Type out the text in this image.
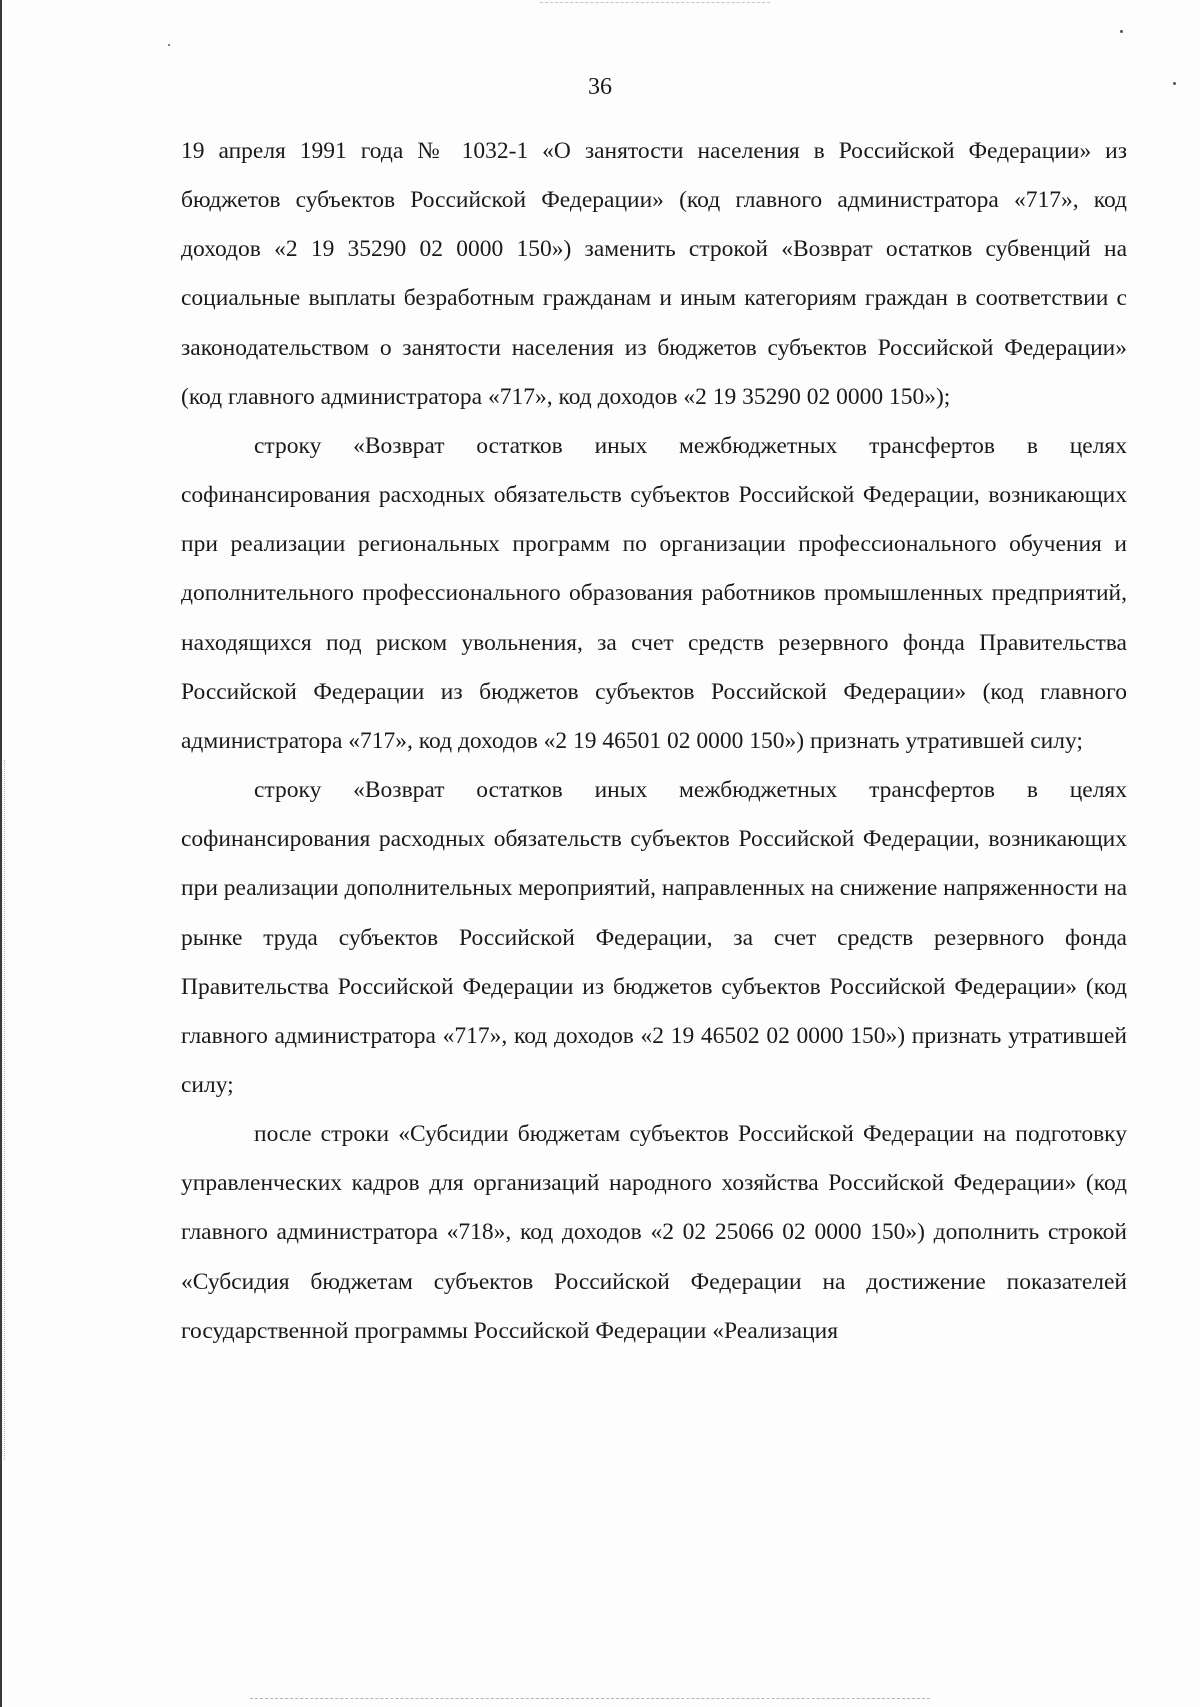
36

19 апреля 1991 года № 1032-1 «О занятости населения в Российской Федерации» из бюджетов субъектов Российской Федерации» (код главного администратора «717», код доходов «2 19 35290 02 0000 150») заменить строкой «Возврат остатков субвенций на социальные выплаты безработным гражданам и иным категориям граждан в соответствии с законодательством о занятости населения из бюджетов субъектов Российской Федерации» (код главного администратора «717», код доходов «2 19 35290 02 0000 150»);

строку «Возврат остатков иных межбюджетных трансфертов в целях софинансирования расходных обязательств субъектов Российской Федерации, возникающих при реализации региональных программ по организации профессионального обучения и дополнительного профессионального образования работников промышленных предприятий, находящихся под риском увольнения, за счет средств резервного фонда Правительства Российской Федерации из бюджетов субъектов Российской Федерации» (код главного администратора «717», код доходов «2 19 46501 02 0000 150») признать утратившей силу;

строку «Возврат остатков иных межбюджетных трансфертов в целях софинансирования расходных обязательств субъектов Российской Федерации, возникающих при реализации дополнительных мероприятий, направленных на снижение напряженности на рынке труда субъектов Российской Федерации, за счет средств резервного фонда Правительства Российской Федерации из бюджетов субъектов Российской Федерации» (код главного администратора «717», код доходов «2 19 46502 02 0000 150») признать утратившей силу;

после строки «Субсидии бюджетам субъектов Российской Федерации на подготовку управленческих кадров для организаций народного хозяйства Российской Федерации» (код главного администратора «718», код доходов «2 02 25066 02 0000 150») дополнить строкой «Субсидия бюджетам субъектов Российской Федерации на достижение показателей государственной программы Российской Федерации «Реализация
